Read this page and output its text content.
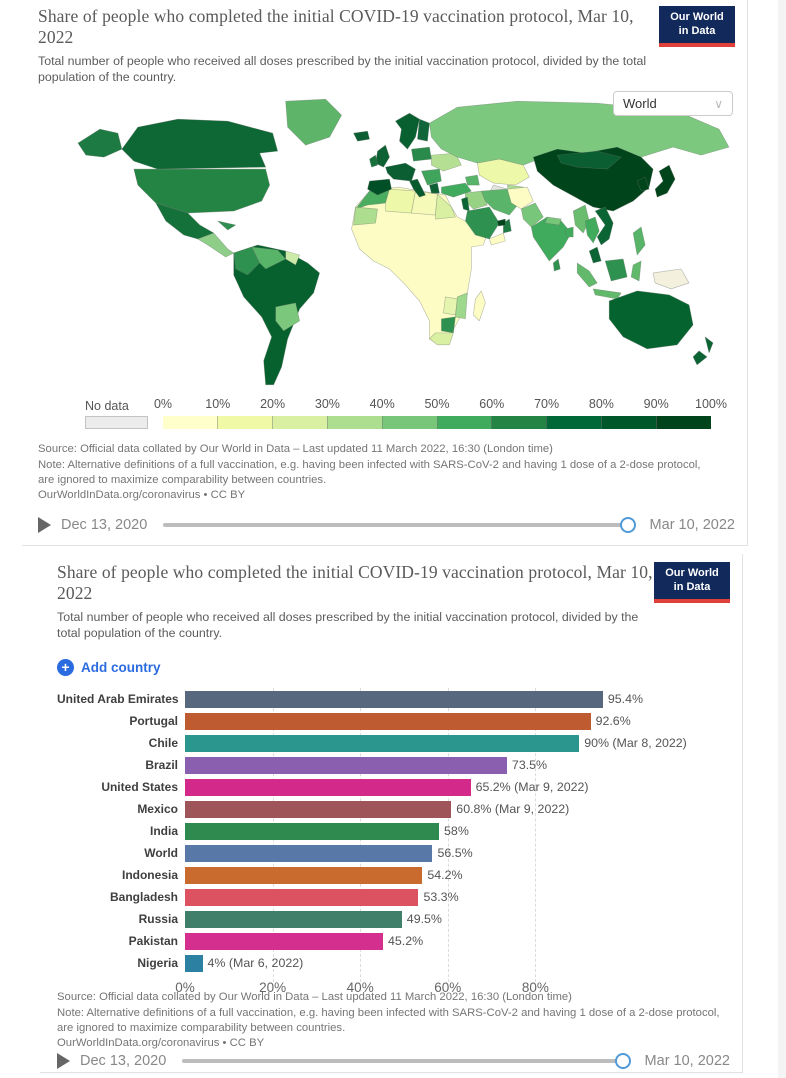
Share of people who completed the initial COVID-19 vaccination protocol, Mar 10, 2022
Total number of people who received all doses prescribed by the initial vaccination protocol, divided by the total population of the country.
Our World
in Data
World	∨
No data	0%	10% 20% 30% 40% 50% 60% 70% 80% 90% 100%
Source: Official data collated by Our World in Data – Last updated 11 March 2022, 16:30 (London time)
Note: Alternative definitions of a full vaccination, e.g. having been infected with SARS-CoV-2 and having 1 dose of a 2-dose protocol,
are ignored to maximize comparability between countries.
OurWorldInData.org/coronavirus • CC BY
Dec 13, 2020	Mar 10, 2022
Share of people who completed the initial COVID-19 vaccination protocol, Mar 10, 2022
Total number of people who received all doses prescribed by the initial vaccination protocol, divided by the total population of the country.
Our World
in Data
+ Add country
United Arab Emirates	95.4%
Portugal	92.6%
Chile	90% (Mar 8, 2022)
Brazil	73.5%
United States	65.2% (Mar 9, 2022)
Mexico	60.8% (Mar 9, 2022)
India	58%
World	56.5%
Indonesia	54.2%
Bangladesh	53.3%
Russia	49.5%
Pakistan	45.2%
Nigeria	4% (Mar 6, 2022)
0%	20%	40%	60%	80%
Source: Official data collated by Our World in Data – Last updated 11 March 2022, 16:30 (London time)
Note: Alternative definitions of a full vaccination, e.g. having been infected with SARS-CoV-2 and having 1 dose of a 2-dose protocol,
are ignored to maximize comparability between countries.
OurWorldInData.org/coronavirus • CC BY
Dec 13, 2020	Mar 10, 2022
